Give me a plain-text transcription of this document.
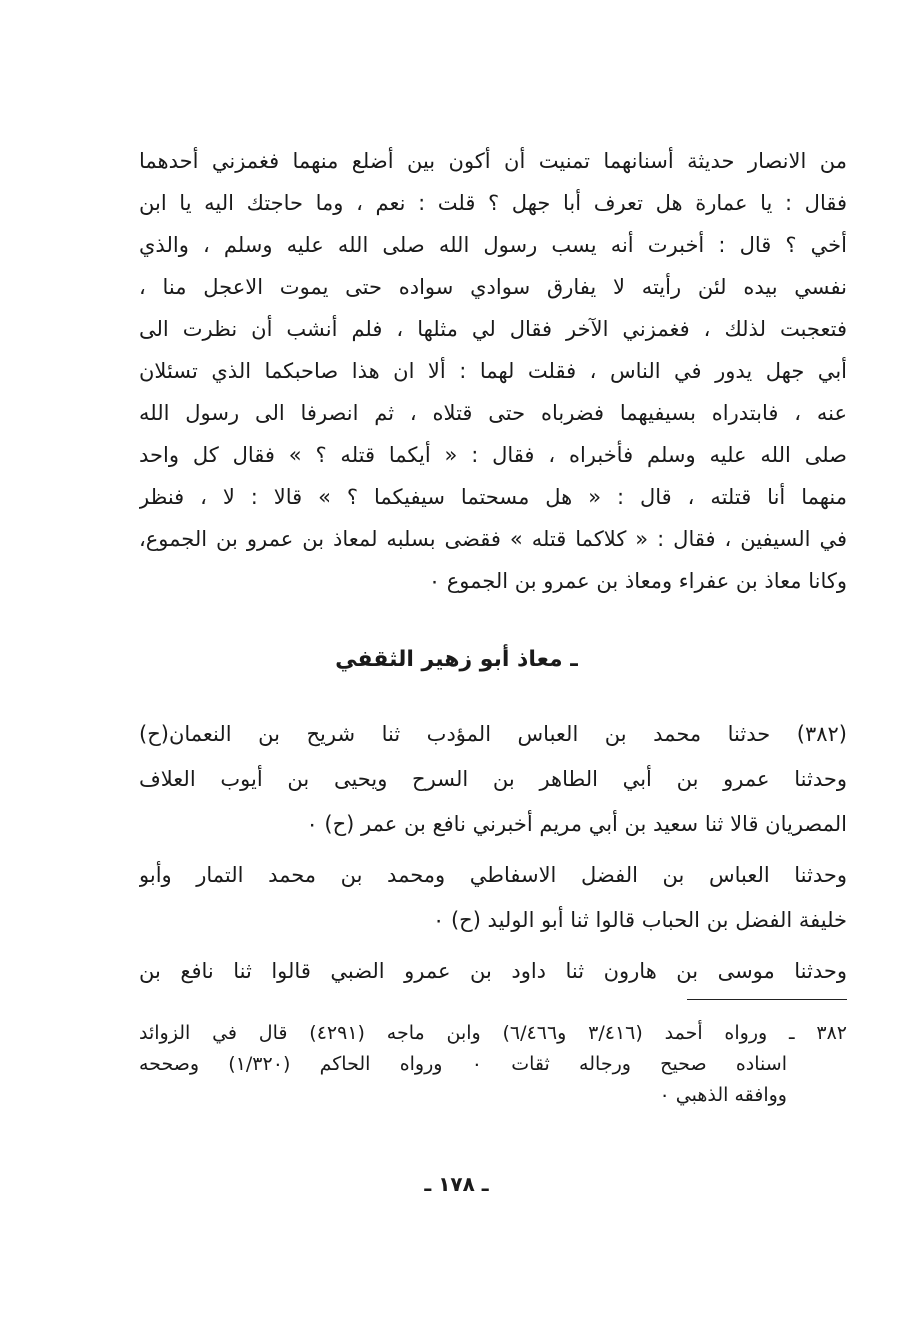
من الانصار حديثة أسنانهما تمنيت أن أكون بين أضلع منهما فغمزني أحدهما
فقال : يا عمارة هل تعرف أبا جهل ؟ قلت : نعم ، وما حاجتك اليه يا ابن
أخي ؟ قال : أخبرت أنه يسب رسول الله صلى الله عليه وسلم ، والذي
نفسي بيده لئن رأيته لا يفارق سوادي سواده حتى يموت الاعجل منا ،
فتعجبت لذلك ، فغمزني الآخر فقال لي مثلها ، فلم أنشب أن نظرت الى
أبي جهل يدور في الناس ، فقلت لهما : ألا ان هذا صاحبكما الذي تسئلان
عنه ، فابتدراه بسيفيهما فضرباه حتى قتلاه ، ثم انصرفا الى رسول الله
صلى الله عليه وسلم فأخبراه ، فقال : « أيكما قتله ؟ » فقال كل واحد
منهما أنا قتلته ، قال : « هل مسحتما سيفيكما ؟ » قالا : لا ، فنظر
في السيفين ، فقال : « كلاكما قتله » فقضى بسلبه لمعاذ بن عمرو بن الجموع،
وكانا معاذ بن عفراء ومعاذ بن عمرو بن الجموع ٠
ـ معاذ أبو زهير الثقفي
(٣٨٢) حدثنا محمد بن العباس المؤدب ثنا شريح بن النعمان(ح)
وحدثنا عمرو بن أبي الطاهر بن السرح ويحيى بن أيوب العلاف
المصريان قالا ثنا سعيد بن أبي مريم أخبرني نافع بن عمر (ح) ٠
وحدثنا العباس بن الفضل الاسفاطي ومحمد بن محمد التمار وأبو
خليفة الفضل بن الحباب قالوا ثنا أبو الوليد (ح) ٠
وحدثنا موسى بن هارون ثنا داود بن عمرو الضبي قالوا ثنا نافع بن
٣٨٢ ـ ورواه أحمد (٣/٤١٦ و٦/٤٦٦) وابن ماجه (٤٢٩١) قال في الزوائد
اسناده صحيح ورجاله ثقات ٠ ورواه الحاكم (١/٣٢٠) وصححه
ووافقه الذهبي ٠
ـ ١٧٨ ـ
